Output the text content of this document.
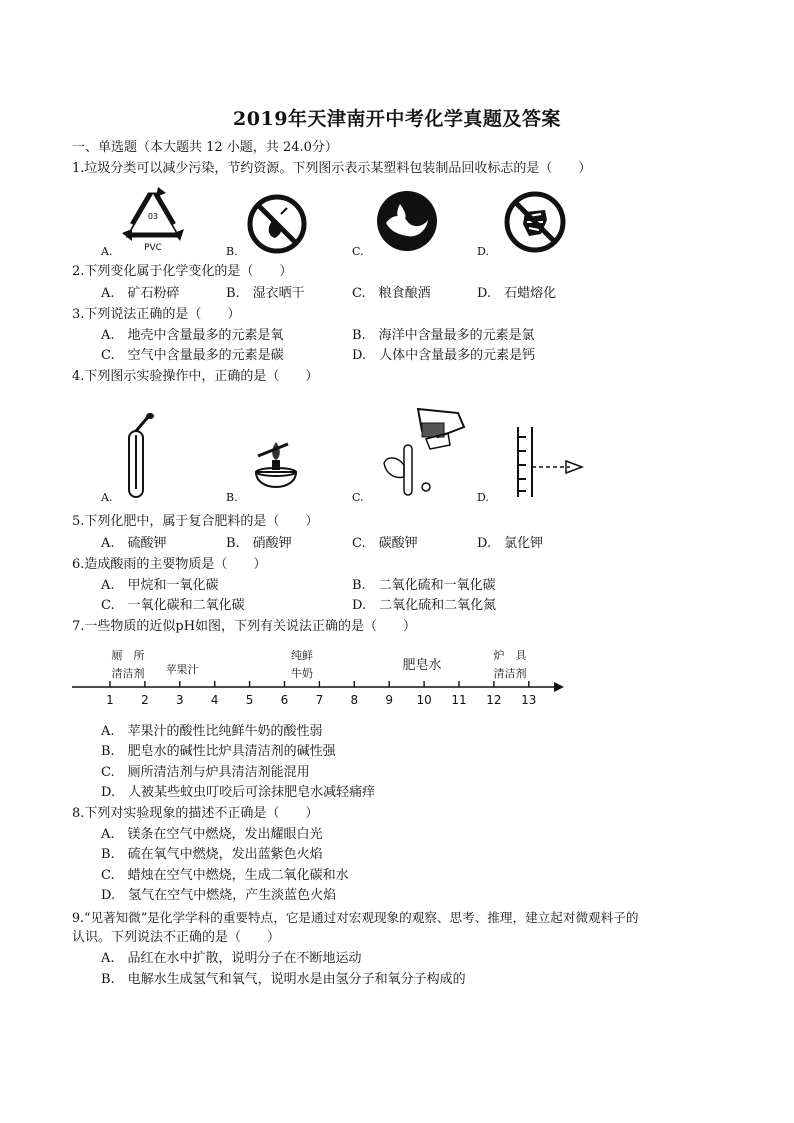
2019年天津南开中考化学真题及答案
一、单选题（本大题共 12 小题，共 24.0分）
1.垃圾分类可以减少污染，节约资源。下列图示表示某塑料包装制品回收标志的是（　　）
03
PVC
A.	B.	C.	D.
2.下列变化属于化学变化的是（　　）
A.　矿石粉碎	B.　湿衣晒干	C.　粮食酿酒	D.　石蜡熔化
3.下列说法正确的是（　　）
A.　地壳中含量最多的元素是氧	B.　海洋中含量最多的元素是氯
C.　空气中含量最多的元素是碳	D.　人体中含量最多的元素是钙
4.下列图示实验操作中，正确的是（　　）
A.	B.	C.	D.
5.下列化肥中，属于复合肥料的是（　　）
A.　硫酸钾	B.　硝酸钾	C.　碳酸钾	D.　氯化钾
6.造成酸雨的主要物质是（　　）
A.　甲烷和一氧化碳	B.　二氧化硫和一氧化碳
C.　一氧化碳和二氧化碳	D.　二氧化硫和二氧化氮
7.一些物质的近似pH如图，下列有关说法正确的是（　　）
1 2 3 4 5 6 7 8 9 10 11 12 13
厕　所
清洁剂 苹果汁
纯鲜
牛奶
肥皂水
炉　具
清洁剂
A.　苹果汁的酸性比纯鲜牛奶的酸性弱
B.　肥皂水的碱性比炉具清洁剂的碱性强
C.　厕所清洁剂与炉具清洁剂能混用
D.　人被某些蚊虫叮咬后可涂抹肥皂水减轻痛痒
8.下列对实验现象的描述不正确是（　　）
A.　镁条在空气中燃烧，发出耀眼白光
B.　硫在氧气中燃烧，发出蓝紫色火焰
C.　蜡烛在空气中燃烧，生成二氧化碳和水
D.　氢气在空气中燃烧，产生淡蓝色火焰
9.“见著知微”是化学学科的重要特点，它是通过对宏观现象的观察、思考、推理，建立起对微观料子的
认识。下列说法不正确的是（　　）
A.　品红在水中扩散，说明分子在不断地运动
B.　电解水生成氢气和氧气，说明水是由氢分子和氧分子构成的
